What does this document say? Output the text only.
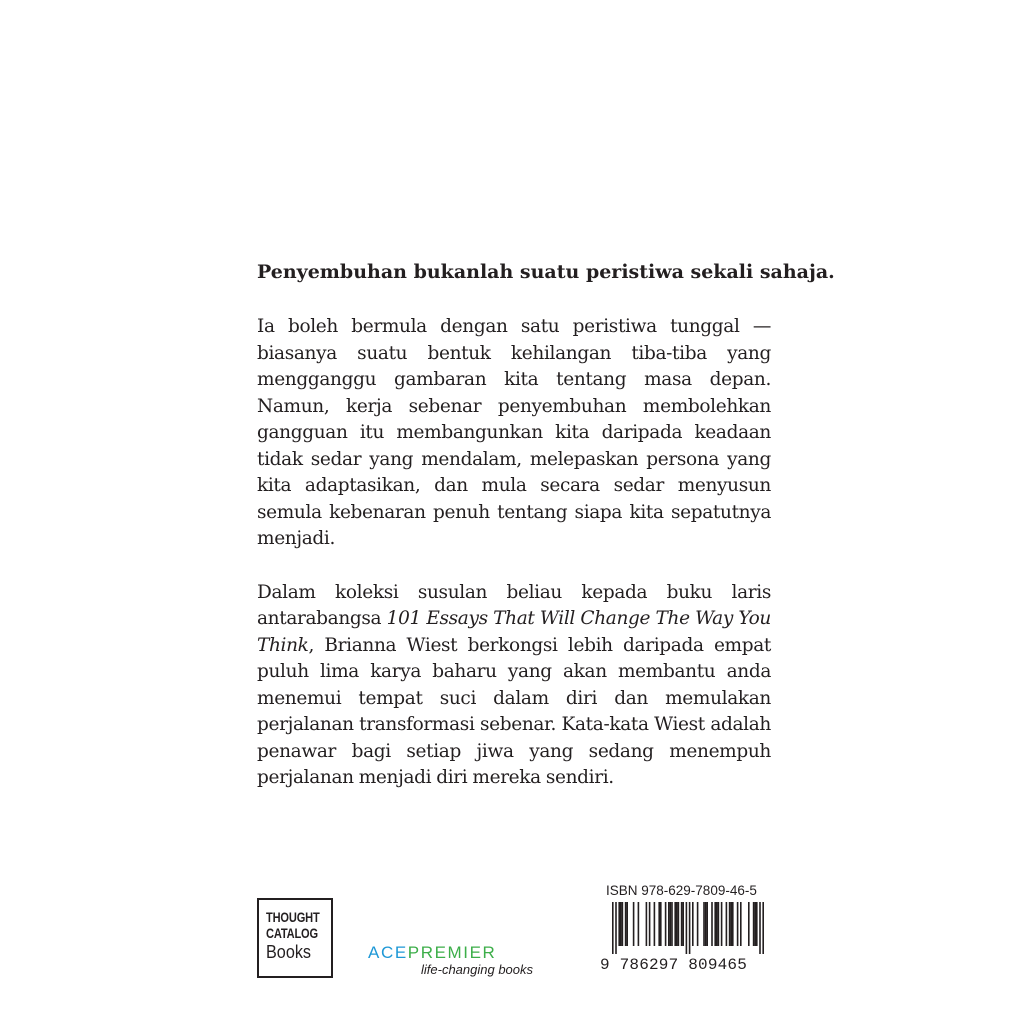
Penyembuhan bukanlah suatu peristiwa sekali sahaja.

Ia boleh bermula dengan satu peristiwa tunggal — biasanya suatu bentuk kehilangan tiba-tiba yang mengganggu gambaran kita tentang masa depan. Namun, kerja sebenar penyembuhan membolehkan gangguan itu membangunkan kita daripada keadaan tidak sedar yang mendalam, melepaskan persona yang kita adaptasikan, dan mula secara sedar menyusun semula kebenaran penuh tentang siapa kita sepatutnya menjadi.

Dalam koleksi susulan beliau kepada buku laris antarabangsa 101 Essays That Will Change The Way You Think, Brianna Wiest berkongsi lebih daripada empat puluh lima karya baharu yang akan membantu anda menemui tempat suci dalam diri dan memulakan perjalanan transformasi sebenar. Kata-kata Wiest adalah penawar bagi setiap jiwa yang sedang menempuh perjalanan menjadi diri mereka sendiri.

THOUGHT
CATALOG
Books	ACEPREMIER
life-changing books
ISBN 978-629-7809-46-5
9 786297 809465
